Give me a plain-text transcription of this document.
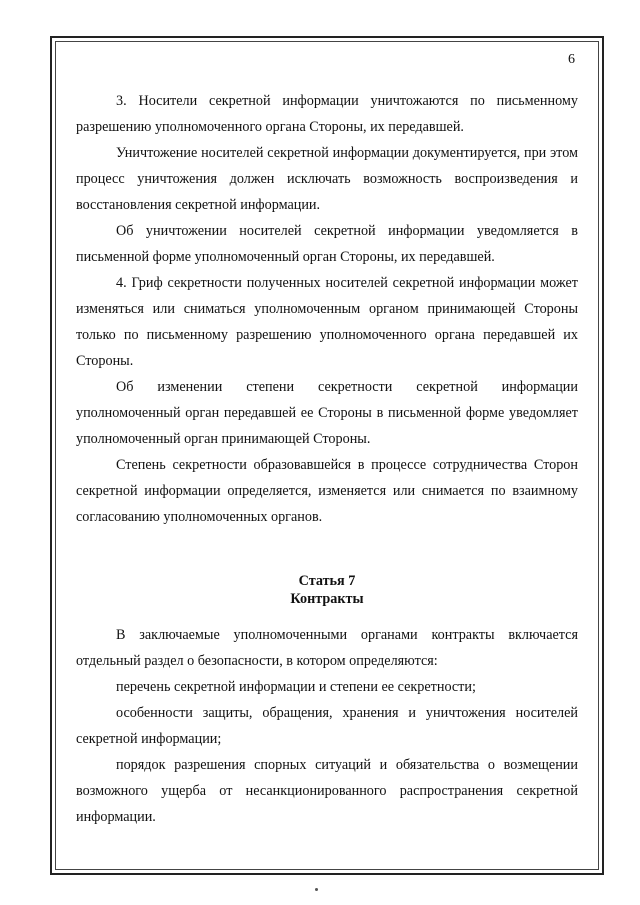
6

3. Носители секретной информации уничтожаются по письменному разрешению уполномоченного органа Стороны, их передавшей.

Уничтожение носителей секретной информации документируется, при этом процесс уничтожения должен исключать возможность воспроизведения и восстановления секретной информации.

Об уничтожении носителей секретной информации уведомляется в письменной форме уполномоченный орган Стороны, их передавшей.

4. Гриф секретности полученных носителей секретной информации может изменяться или сниматься уполномоченным органом принимающей Стороны только по письменному разрешению уполномоченного органа передавшей их Стороны.

Об изменении степени секретности секретной информации уполномоченный орган передавшей ее Стороны в письменной форме уведомляет уполномоченный орган принимающей Стороны.

Степень секретности образовавшейся в процессе сотрудничества Сторон секретной информации определяется, изменяется или снимается по взаимному согласованию уполномоченных органов.

Статья 7

Контракты

В заключаемые уполномоченными органами контракты включается отдельный раздел о безопасности, в котором определяются:

перечень секретной информации и степени ее секретности;

особенности защиты, обращения, хранения и уничтожения носителей секретной информации;

порядок разрешения спорных ситуаций и обязательства о возмещении возможного ущерба от несанкционированного распространения секретной информации.
